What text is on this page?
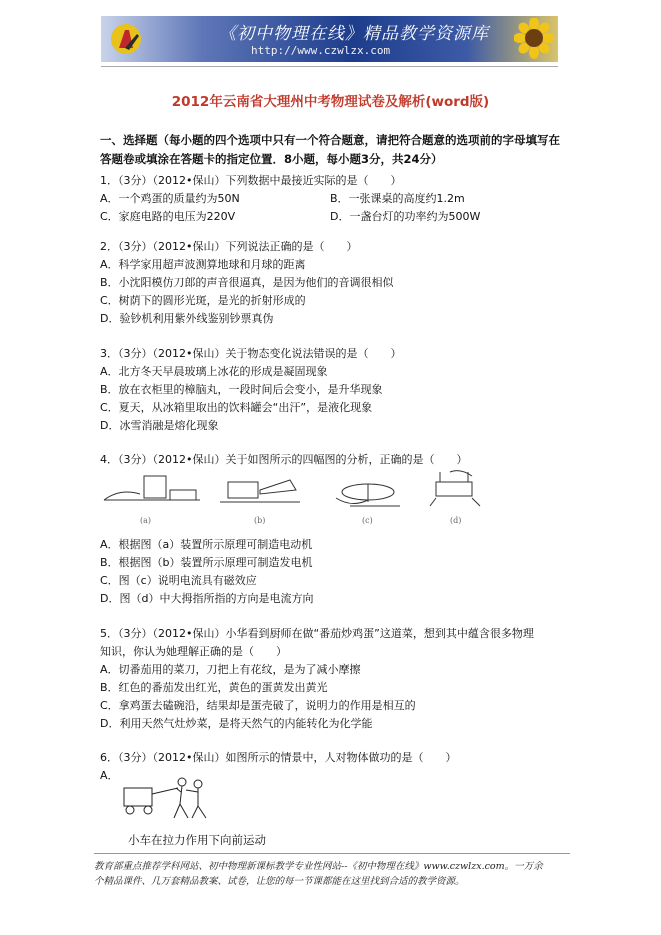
《初中物理在线》精品教学资源库
http://www.czwlzx.com
2012年云南省大理州中考物理试卷及解析(word版)
一、选择题（每小题的四个选项中只有一个符合题意，请把符合题意的选项前的字母填写在答题卷或填涂在答题卡的指定位置．8小题，每小题3分，共24分）
1．（3分）（2012•保山）下列数据中最接近实际的是（　　）
A．一个鸡蛋的质量约为50N	B．一张课桌的高度约1.2m
C．家庭电路的电压为220V	D．一盏台灯的功率约为500W
2．（3分）（2012•保山）下列说法正确的是（　　）
A．科学家用超声波测算地球和月球的距离
B．小沈阳模仿刀郎的声音很逼真，是因为他们的音调很相似
C．树荫下的圆形光斑，是光的折射形成的
D．验钞机利用紫外线鉴别钞票真伪
3．（3分）（2012•保山）关于物态变化说法错误的是（　　）
A．北方冬天早晨玻璃上冰花的形成是凝固现象
B．放在衣柜里的樟脑丸，一段时间后会变小，是升华现象
C．夏天，从冰箱里取出的饮料罐会“出汗”，是液化现象
D．冰雪消融是熔化现象
4．（3分）（2012•保山）关于如图所示的四幅图的分析，正确的是（　　）
(a)	(b)	(c)	(d)
A．根据图（a）装置所示原理可制造电动机
B．根据图（b）装置所示原理可制造发电机
C．图（c）说明电流具有磁效应
D．图（d）中大拇指所指的方向是电流方向
5．（3分）（2012•保山）小华看到厨师在做“番茄炒鸡蛋”这道菜，想到其中蕴含很多物理
知识，你认为她理解正确的是（　　）
A．切番茄用的菜刀，刀把上有花纹，是为了减小摩擦
B．红色的番茄发出红光，黄色的蛋黄发出黄光
C．拿鸡蛋去磕碗沿，结果却是蛋壳破了，说明力的作用是相互的
D．利用天然气灶炒菜，是将天然气的内能转化为化学能
6．（3分）（2012•保山）如图所示的情景中，人对物体做功的是（　　）
A．
小车在拉力作用下向前运动
教育部重点推荐学科网站、初中物理新课标教学专业性网站--《初中物理在线》www.czwlzx.com。一万余
个精品课件、几万套精品教案、试卷，让您的每一节课都能在这里找到合适的教学资源。
